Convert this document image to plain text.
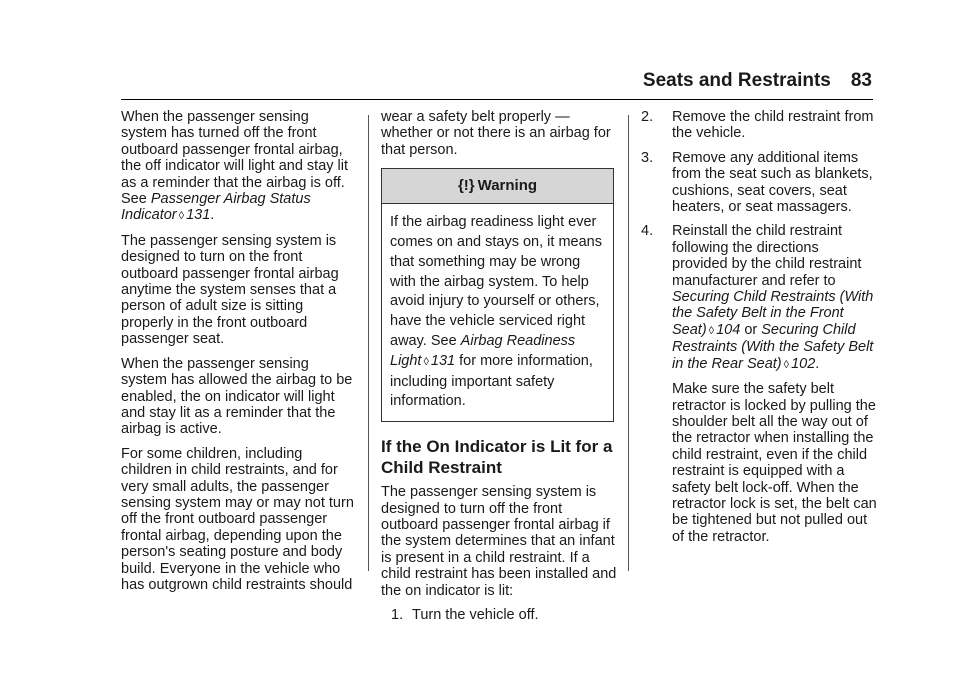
Seats and Restraints 83

When the passenger sensing system has turned off the front outboard passenger frontal airbag, the off indicator will light and stay lit as a reminder that the airbag is off. See Passenger Airbag Status Indicator ◊ 131.

The passenger sensing system is designed to turn on the front outboard passenger frontal airbag anytime the system senses that a person of adult size is sitting properly in the front outboard passenger seat.

When the passenger sensing system has allowed the airbag to be enabled, the on indicator will light and stay lit as a reminder that the airbag is active.

For some children, including children in child restraints, and for very small adults, the passenger sensing system may or may not turn off the front outboard passenger frontal airbag, depending upon the person's seating posture and body build. Everyone in the vehicle who has outgrown child restraints should

wear a safety belt properly — whether or not there is an airbag for that person.

{!} Warning
If the airbag readiness light ever comes on and stays on, it means that something may be wrong with the airbag system. To help avoid injury to yourself or others, have the vehicle serviced right away. See Airbag Readiness Light ◊ 131 for more information, including important safety information.
If the On Indicator is Lit for a Child Restraint

The passenger sensing system is designed to turn off the front outboard passenger frontal airbag if the system determines that an infant is present in a child restraint. If a child restraint has been installed and the on indicator is lit:

1. Turn the vehicle off.
2.	Remove the child restraint from the vehicle.
3.	Remove any additional items from the seat such as blankets, cushions, seat covers, seat heaters, or seat massagers.
4.	Reinstall the child restraint following the directions provided by the child restraint manufacturer and refer to Securing Child Restraints (With the Safety Belt in the Front Seat) ◊ 104 or Securing Child Restraints (With the Safety Belt in the Rear Seat) ◊ 102.

Make sure the safety belt retractor is locked by pulling the shoulder belt all the way out of the retractor when installing the child restraint, even if the child restraint is equipped with a safety belt lock-off. When the retractor lock is set, the belt can be tightened but not pulled out of the retractor.
